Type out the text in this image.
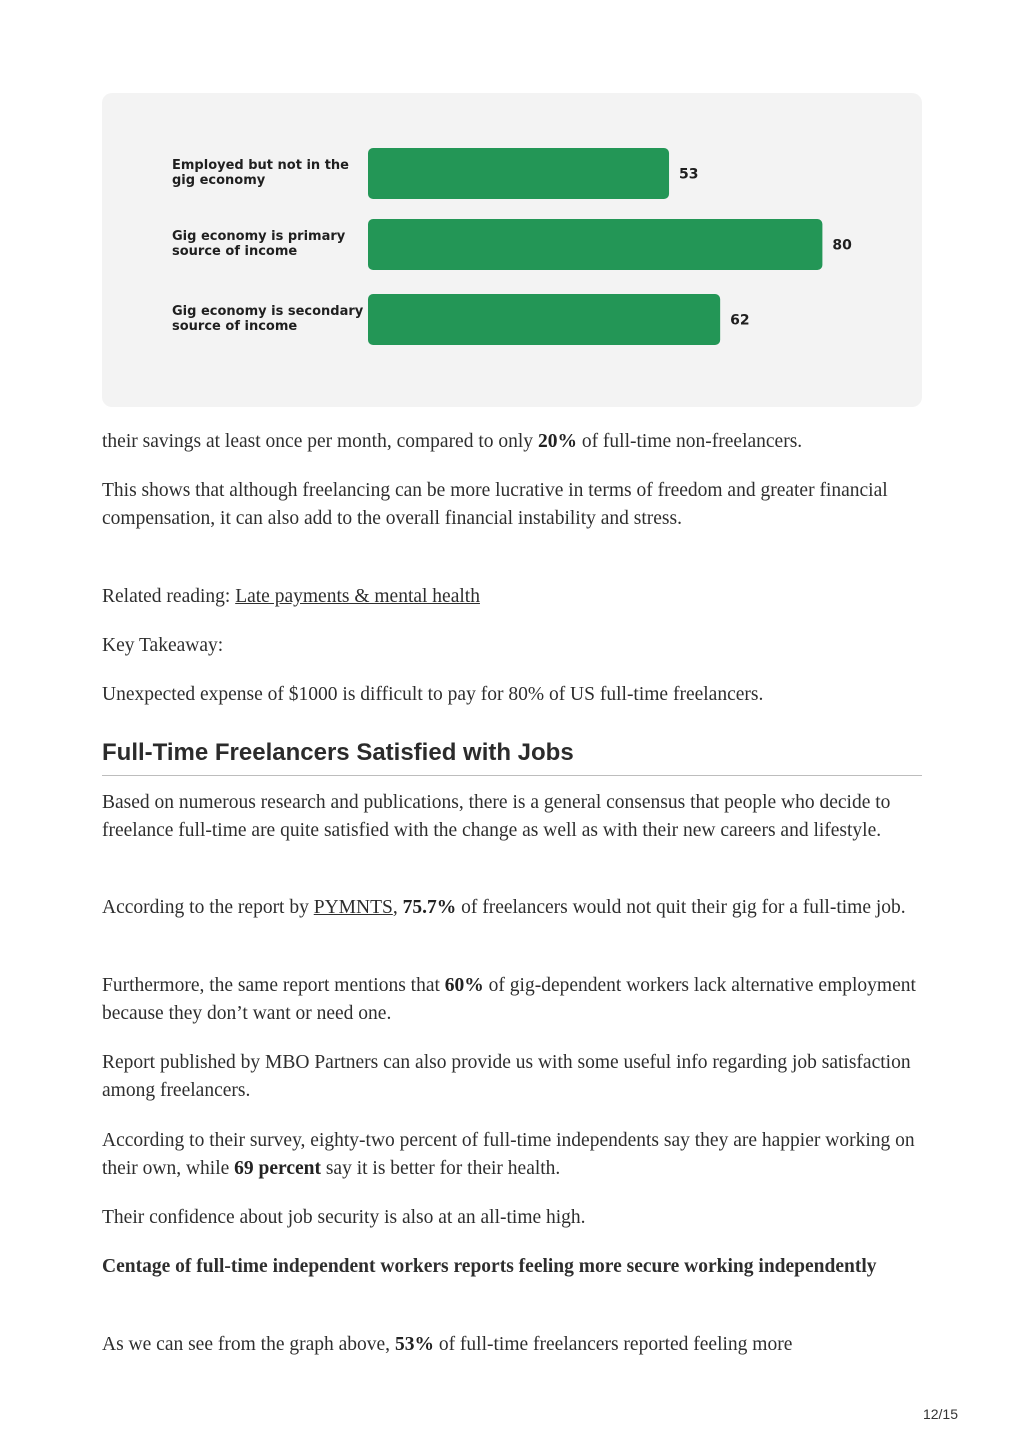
Employed but not in the gig economy	53
Gig economy is primary source of income	80
Gig economy is secondary source of income	62

their savings at least once per month, compared to only 20% of full-time non-freelancers.

This shows that although freelancing can be more lucrative in terms of freedom and greater financial compensation, it can also add to the overall financial instability and stress.

Related reading: Late payments & mental health

Key Takeaway:

Unexpected expense of $1000 is difficult to pay for 80% of US full-time freelancers.

Full-Time Freelancers Satisfied with Jobs

Based on numerous research and publications, there is a general consensus that people who decide to freelance full-time are quite satisfied with the change as well as with their new careers and lifestyle.

According to the report by PYMNTS, 75.7% of freelancers would not quit their gig for a full-time job.

Furthermore, the same report mentions that 60% of gig-dependent workers lack alternative employment because they don’t want or need one.

Report published by MBO Partners can also provide us with some useful info regarding job satisfaction among freelancers.

According to their survey, eighty-two percent of full-time independents say they are happier working on their own, while 69 percent say it is better for their health.

Their confidence about job security is also at an all-time high.

Centage of full-time independent workers reports feeling more secure working independently

As we can see from the graph above, 53% of full-time freelancers reported feeling more

12/15
